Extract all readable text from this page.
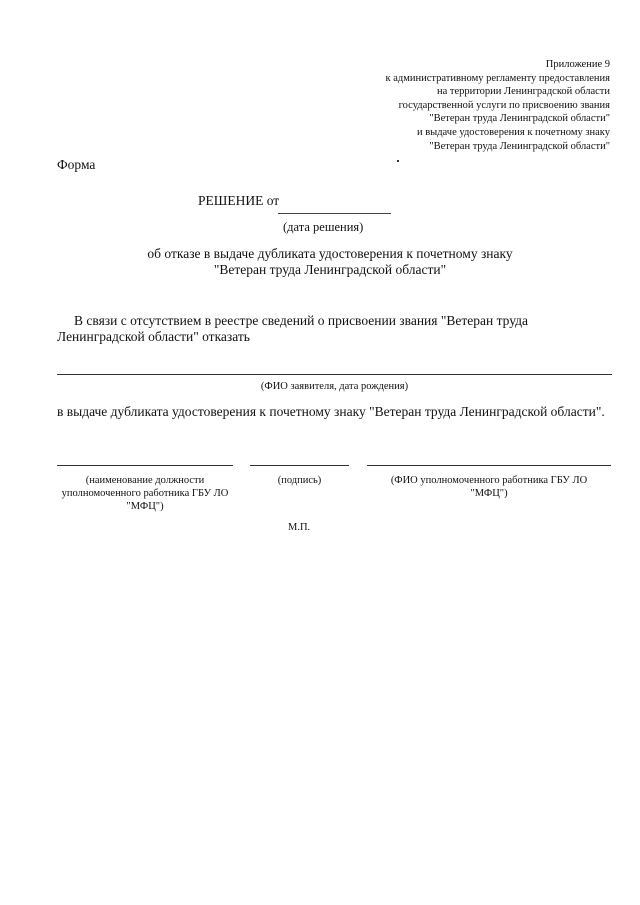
Приложение 9
к административному регламенту предоставления
на территории Ленинградской области
государственной услуги по присвоению звания
"Ветеран труда Ленинградской области"
и выдаче удостоверения к почетному знаку
"Ветеран труда Ленинградской области"
Форма
РЕШЕНИЕ от
(дата решения)
об отказе в выдаче дубликата удостоверения к почетному знаку
"Ветеран труда Ленинградской области"
В связи с отсутствием в реестре сведений о присвоении звания "Ветеран труда Ленинградской области" отказать
(ФИО заявителя, дата рождения)
в выдаче дубликата удостоверения к почетному знаку "Ветеран труда Ленинградской области".
(наименование должности уполномоченного работника ГБУ ЛО "МФЦ")
(подпись)	(ФИО уполномоченного работника ГБУ ЛО "МФЦ")
М.П.
